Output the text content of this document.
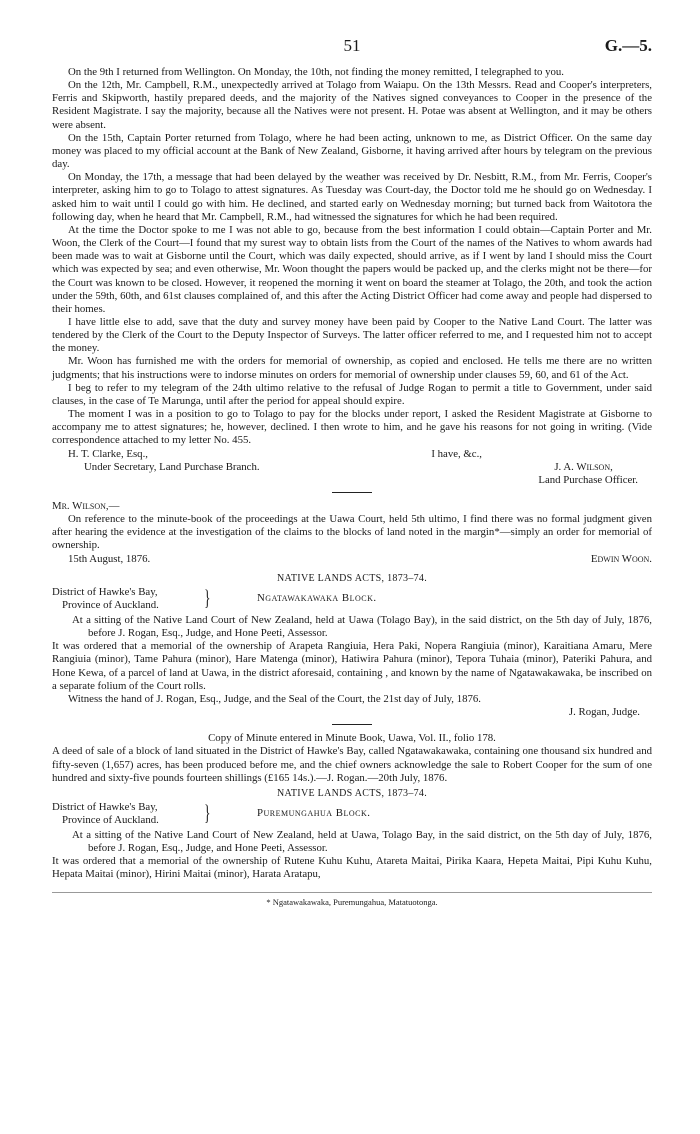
51	G.—5.

On the 9th I returned from Wellington. On Monday, the 10th, not finding the money remitted, I telegraphed to you.

On the 12th, Mr. Campbell, R.M., unexpectedly arrived at Tolago from Waiapu. On the 13th Messrs. Read and Cooper's interpreters, Ferris and Skipworth, hastily prepared deeds, and the majority of the Natives signed conveyances to Cooper in the presence of the Resident Magistrate. I say the majority, because all the Natives were not present. H. Potae was absent at Wellington, and it may be others were absent.

On the 15th, Captain Porter returned from Tolago, where he had been acting, unknown to me, as District Officer. On the same day money was placed to my official account at the Bank of New Zealand, Gisborne, it having arrived after hours by telegram on the previous day.

On Monday, the 17th, a message that had been delayed by the weather was received by Dr. Nesbitt, R.M., from Mr. Ferris, Cooper's interpreter, asking him to go to Tolago to attest signatures. As Tuesday was Court-day, the Doctor told me he should go on Wednesday. I asked him to wait until I could go with him. He declined, and started early on Wednesday morning; but turned back from Waitotora the following day, when he heard that Mr. Campbell, R.M., had witnessed the signatures for which he had been required.

At the time the Doctor spoke to me I was not able to go, because from the best information I could obtain—Captain Porter and Mr. Woon, the Clerk of the Court—I found that my surest way to obtain lists from the Court of the names of the Natives to whom awards had been made was to wait at Gisborne until the Court, which was daily expected, should arrive, as if I went by land I should miss the Court which was expected by sea; and even otherwise, Mr. Woon thought the papers would be packed up, and the clerks might not be there—for the Court was known to be closed. However, it reopened the morning it went on board the steamer at Tolago, the 20th, and took the action under the 59th, 60th, and 61st clauses complained of, and this after the Acting District Officer had come away and people had dispersed to their homes.

I have little else to add, save that the duty and survey money have been paid by Cooper to the Native Land Court. The latter was tendered by the Clerk of the Court to the Deputy Inspector of Surveys. The latter officer referred to me, and I requested him not to accept the money.

Mr. Woon has furnished me with the orders for memorial of ownership, as copied and enclosed. He tells me there are no written judgments; that his instructions were to indorse minutes on orders for memorial of ownership under clauses 59, 60, and 61 of the Act.

I beg to refer to my telegram of the 24th ultimo relative to the refusal of Judge Rogan to permit a title to Government, under said clauses, in the case of Te Marunga, until after the period for appeal should expire.

The moment I was in a position to go to Tolago to pay for the blocks under report, I asked the Resident Magistrate at Gisborne to accompany me to attest signatures; he, however, declined. I then wrote to him, and he gave his reasons for not going in writing. (Vide correspondence attached to my letter No. 455.

H. T. Clarke, Esq.,	I have, &c.,
Under Secretary, Land Purchase Branch.	J. A. Wilson,
Land Purchase Officer.

Mr. Wilson,—

On reference to the minute-book of the proceedings at the Uawa Court, held 5th ultimo, I find there was no formal judgment given after hearing the evidence at the investigation of the claims to the blocks of land noted in the margin*—simply an order for memorial of ownership.

15th August, 1876.	Edwin Woon.
NATIVE LANDS ACTS, 1873–74.
District of Hawke's Bay,
Province of Auckland. }	Ngatawakawaka Block.

At a sitting of the Native Land Court of New Zealand, held at Uawa (Tolago Bay), in the said district, on the 5th day of July, 1876, before J. Rogan, Esq., Judge, and Hone Peeti, Assessor.

It was ordered that a memorial of the ownership of Arapeta Rangiuia, Hera Paki, Nopera Rangiuia (minor), Karaitiana Amaru, Mere Rangiuia (minor), Tame Pahura (minor), Hare Matenga (minor), Hatiwira Pahura (minor), Tepora Tuhaia (minor), Pateriki Pahura, and Hone Kewa, of a parcel of land at Uawa, in the district aforesaid, containing , and known by the name of Ngatawakawaka, be inscribed on a separate folium of the Court rolls.

Witness the hand of J. Rogan, Esq., Judge, and the Seal of the Court, the 21st day of July, 1876.

J. Rogan, Judge.
Copy of Minute entered in Minute Book, Uawa, Vol. II., folio 178.

A deed of sale of a block of land situated in the District of Hawke's Bay, called Ngatawakawaka, containing one thousand six hundred and fifty-seven (1,657) acres, has been produced before me, and the chief owners acknowledge the sale to Robert Cooper for the sum of one hundred and sixty-five pounds fourteen shillings (£165 14s.).—J. Rogan.—20th July, 1876.

NATIVE LANDS ACTS, 1873–74.
District of Hawke's Bay,
Province of Auckland. }	Puremungahua Block.

At a sitting of the Native Land Court of New Zealand, held at Uawa, Tolago Bay, in the said district, on the 5th day of July, 1876, before J. Rogan, Esq., Judge, and Hone Peeti, Assessor.

It was ordered that a memorial of the ownership of Rutene Kuhu Kuhu, Atareta Maitai, Pirika Kaara, Hepeta Maitai, Pipi Kuhu Kuhu, Hepata Maitai (minor), Hirini Maitai (minor), Harata Aratapu,

* Ngatawakawaka, Puremungahua, Matatuotonga.
